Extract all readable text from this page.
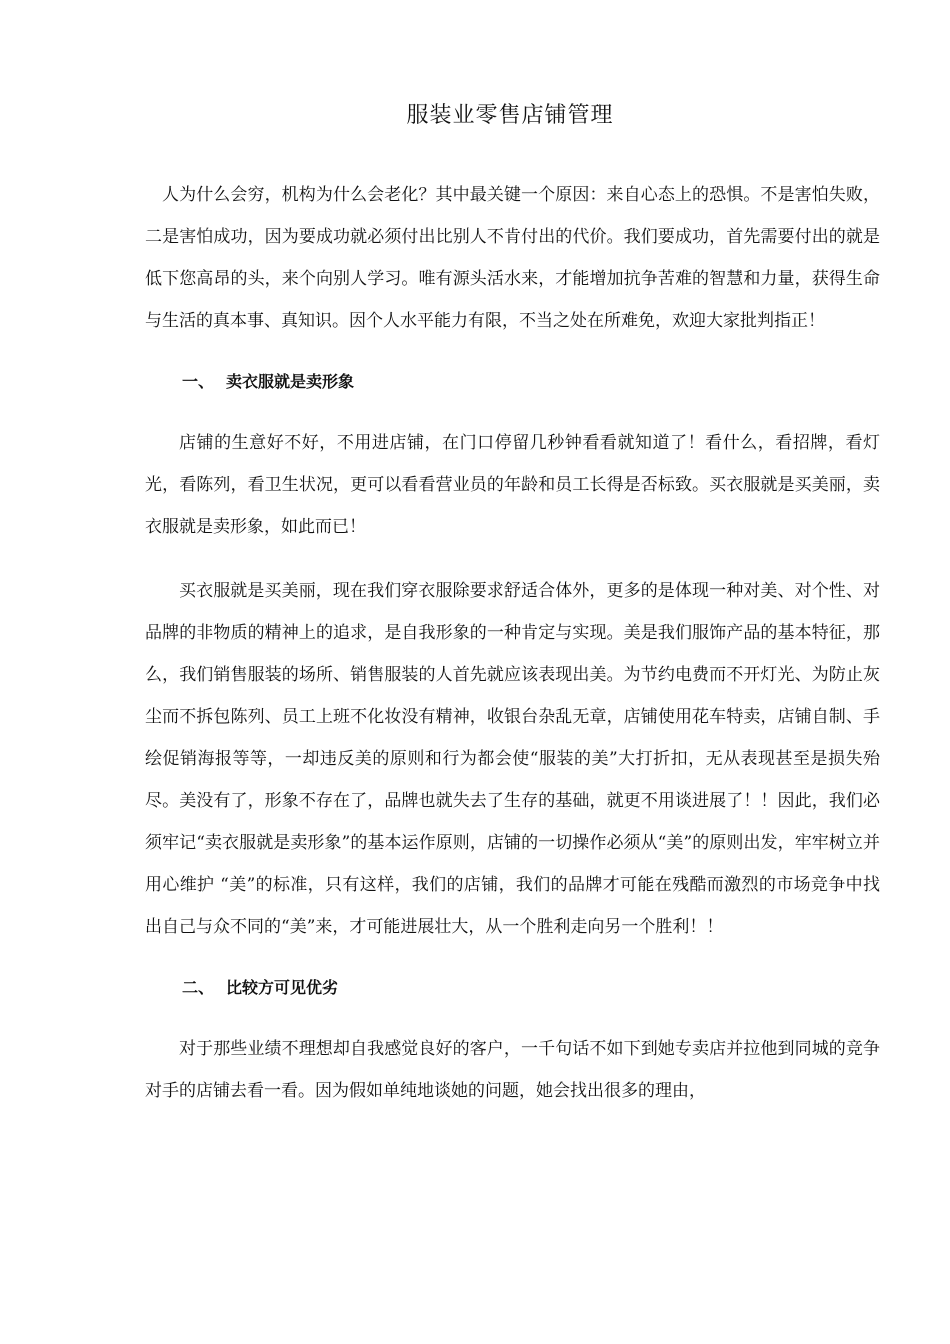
服装业零售店铺管理

人为什么会穷，机构为什么会老化？其中最关键一个原因：来自心态上的恐惧。不是害怕失败，二是害怕成功，因为要成功就必须付出比别人不肯付出的代价。我们要成功，首先需要付出的就是低下您高昂的头，来个向别人学习。唯有源头活水来，才能增加抗争苦难的智慧和力量，获得生命与生活的真本事、真知识。因个人水平能力有限，不当之处在所难免，欢迎大家批判指正！

一、 卖衣服就是卖形象

店铺的生意好不好，不用进店铺，在门口停留几秒钟看看就知道了！看什么，看招牌，看灯光，看陈列，看卫生状况，更可以看看营业员的年龄和员工长得是否标致。买衣服就是买美丽，卖衣服就是卖形象，如此而已！

买衣服就是买美丽，现在我们穿衣服除要求舒适合体外，更多的是体现一种对美、对个性、对品牌的非物质的精神上的追求，是自我形象的一种肯定与实现。美是我们服饰产品的基本特征，那么，我们销售服装的场所、销售服装的人首先就应该表现出美。为节约电费而不开灯光、为防止灰尘而不拆包陈列、员工上班不化妆没有精神，收银台杂乱无章，店铺使用花车特卖，店铺自制、手绘促销海报等等，一却违反美的原则和行为都会使“服装的美”大打折扣，无从表现甚至是损失殆尽。美没有了，形象不存在了，品牌也就失去了生存的基础，就更不用谈进展了！！因此，我们必须牢记“卖衣服就是卖形象”的基本运作原则，店铺的一切操作必须从“美”的原则出发，牢牢树立并用心维护 “美”的标准，只有这样，我们的店铺，我们的品牌才可能在残酷而激烈的市场竞争中找出自己与众不同的“美”来，才可能进展壮大，从一个胜利走向另一个胜利！！

二、 比较方可见优劣

对于那些业绩不理想却自我感觉良好的客户，一千句话不如下到她专卖店并拉他到同城的竞争对手的店铺去看一看。因为假如单纯地谈她的问题，她会找出很多的理由，
